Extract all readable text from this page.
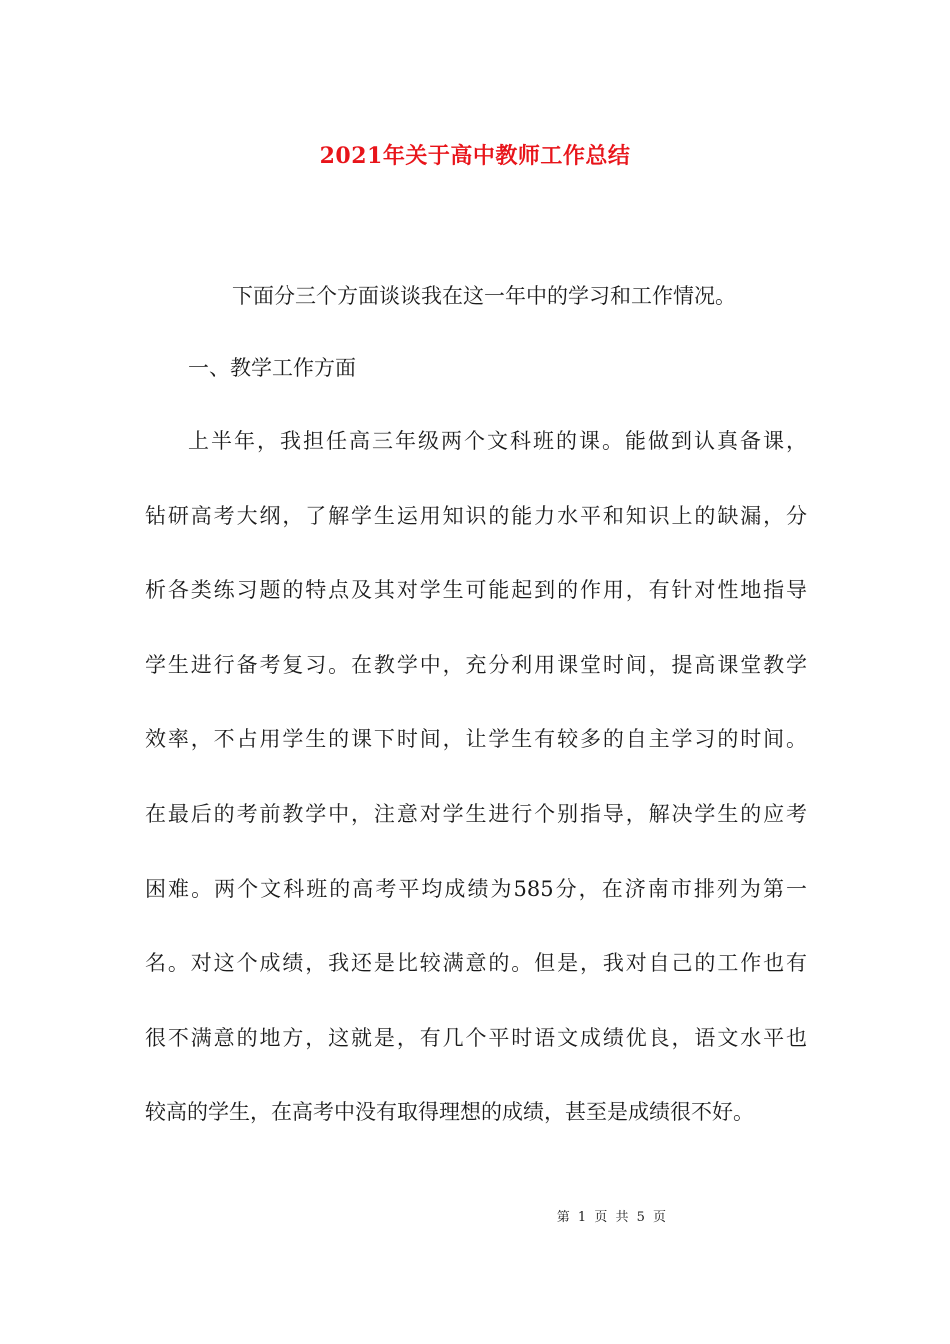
2021年关于高中教师工作总结
下面分三个方面谈谈我在这一年中的学习和工作情况。
一、教学工作方面
上半年，我担任高三年级两个文科班的课。能做到认真备课，
钻研高考大纲，了解学生运用知识的能力水平和知识上的缺漏，分
析各类练习题的特点及其对学生可能起到的作用，有针对性地指导
学生进行备考复习。在教学中，充分利用课堂时间，提高课堂教学
效率，不占用学生的课下时间，让学生有较多的自主学习的时间。
在最后的考前教学中，注意对学生进行个别指导，解决学生的应考
困难。两个文科班的高考平均成绩为585分，在济南市排列为第一
名。对这个成绩，我还是比较满意的。但是，我对自己的工作也有
很不满意的地方，这就是，有几个平时语文成绩优良，语文水平也
较高的学生，在高考中没有取得理想的成绩，甚至是成绩很不好。
第 1 页 共 5 页
